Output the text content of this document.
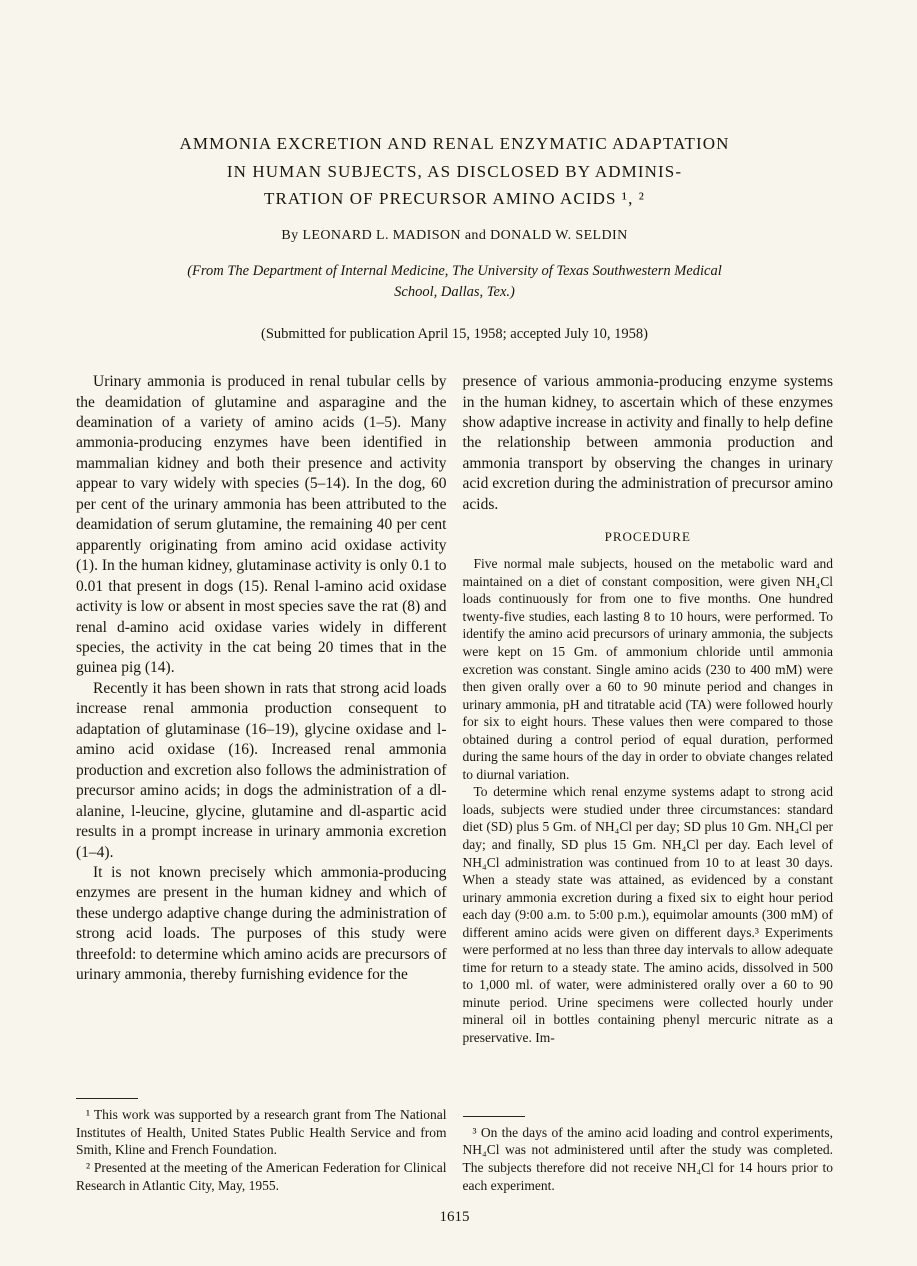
AMMONIA EXCRETION AND RENAL ENZYMATIC ADAPTATION
IN HUMAN SUBJECTS, AS DISCLOSED BY ADMINIS-
TRATION OF PRECURSOR AMINO ACIDS ¹, ²
By LEONARD L. MADISON and DONALD W. SELDIN
(From The Department of Internal Medicine, The University of Texas Southwestern Medical
School, Dallas, Tex.)
(Submitted for publication April 15, 1958; accepted July 10, 1958)

Urinary ammonia is produced in renal tubular cells by the deamidation of glutamine and asparagine and the deamination of a variety of amino acids (1–5). Many ammonia-producing enzymes have been identified in mammalian kidney and both their presence and activity appear to vary widely with species (5–14). In the dog, 60 per cent of the urinary ammonia has been attributed to the deamidation of serum glutamine, the remaining 40 per cent apparently originating from amino acid oxidase activity (1). In the human kidney, glutaminase activity is only 0.1 to 0.01 that present in dogs (15). Renal l-amino acid oxidase activity is low or absent in most species save the rat (8) and renal d-amino acid oxidase varies widely in different species, the activity in the cat being 20 times that in the guinea pig (14).

Recently it has been shown in rats that strong acid loads increase renal ammonia production consequent to adaptation of glutaminase (16–19), glycine oxidase and l-amino acid oxidase (16). Increased renal ammonia production and excretion also follows the administration of precursor amino acids; in dogs the administration of a dl-alanine, l-leucine, glycine, glutamine and dl-aspartic acid results in a prompt increase in urinary ammonia excretion (1–4).

It is not known precisely which ammonia-producing enzymes are present in the human kidney and which of these undergo adaptive change during the administration of strong acid loads. The purposes of this study were threefold: to determine which amino acids are precursors of urinary ammonia, thereby furnishing evidence for the

¹ This work was supported by a research grant from The National Institutes of Health, United States Public Health Service and from Smith, Kline and French Foundation.

² Presented at the meeting of the American Federation for Clinical Research in Atlantic City, May, 1955.

presence of various ammonia-producing enzyme systems in the human kidney, to ascertain which of these enzymes show adaptive increase in activity and finally to help define the relationship between ammonia production and ammonia transport by observing the changes in urinary acid excretion during the administration of precursor amino acids.

PROCEDURE

Five normal male subjects, housed on the metabolic ward and maintained on a diet of constant composition, were given NH₄Cl loads continuously for from one to five months. One hundred twenty-five studies, each lasting 8 to 10 hours, were performed. To identify the amino acid precursors of urinary ammonia, the subjects were kept on 15 Gm. of ammonium chloride until ammonia excretion was constant. Single amino acids (230 to 400 mM) were then given orally over a 60 to 90 minute period and changes in urinary ammonia, pH and titratable acid (TA) were followed hourly for six to eight hours. These values then were compared to those obtained during a control period of equal duration, performed during the same hours of the day in order to obviate changes related to diurnal variation.

To determine which renal enzyme systems adapt to strong acid loads, subjects were studied under three circumstances: standard diet (SD) plus 5 Gm. of NH₄Cl per day; SD plus 10 Gm. NH₄Cl per day; and finally, SD plus 15 Gm. NH₄Cl per day. Each level of NH₄Cl administration was continued from 10 to at least 30 days. When a steady state was attained, as evidenced by a constant urinary ammonia excretion during a fixed six to eight hour period each day (9:00 a.m. to 5:00 p.m.), equimolar amounts (300 mM) of different amino acids were given on different days.³ Experiments were performed at no less than three day intervals to allow adequate time for return to a steady state. The amino acids, dissolved in 500 to 1,000 ml. of water, were administered orally over a 60 to 90 minute period. Urine specimens were collected hourly under mineral oil in bottles containing phenyl mercuric nitrate as a preservative. Im-

³ On the days of the amino acid loading and control experiments, NH₄Cl was not administered until after the study was completed. The subjects therefore did not receive NH₄Cl for 14 hours prior to each experiment.

1615
